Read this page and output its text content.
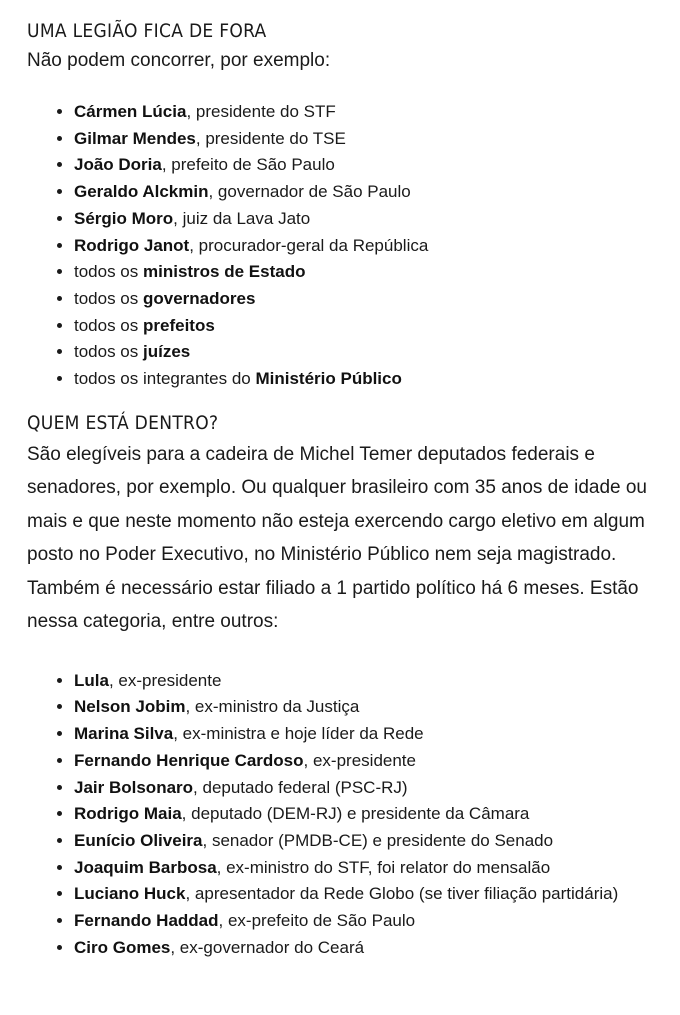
UMA LEGIÃO FICA DE FORA

Não podem concorrer, por exemplo:

• Cármen Lúcia, presidente do STF
• Gilmar Mendes, presidente do TSE
• João Doria, prefeito de São Paulo
• Geraldo Alckmin, governador de São Paulo
• Sérgio Moro, juiz da Lava Jato
• Rodrigo Janot, procurador-geral da República
• todos os ministros de Estado
• todos os governadores
• todos os prefeitos
• todos os juízes
• todos os integrantes do Ministério Público
QUEM ESTÁ DENTRO?

São elegíveis para a cadeira de Michel Temer deputados federais e senadores, por exemplo. Ou qualquer brasileiro com 35 anos de idade ou mais e que neste momento não esteja exercendo cargo eletivo em algum posto no Poder Executivo, no Ministério Público nem seja magistrado. Também é necessário estar filiado a 1 partido político há 6 meses. Estão nessa categoria, entre outros:

• Lula, ex-presidente
• Nelson Jobim, ex-ministro da Justiça
• Marina Silva, ex-ministra e hoje líder da Rede
• Fernando Henrique Cardoso, ex-presidente
• Jair Bolsonaro, deputado federal (PSC-RJ)
• Rodrigo Maia, deputado (DEM-RJ) e presidente da Câmara
• Eunício Oliveira, senador (PMDB-CE) e presidente do Senado
• Joaquim Barbosa, ex-ministro do STF, foi relator do mensalão
• Luciano Huck, apresentador da Rede Globo (se tiver filiação partidária)
• Fernando Haddad, ex-prefeito de São Paulo
• Ciro Gomes, ex-governador do Ceará
